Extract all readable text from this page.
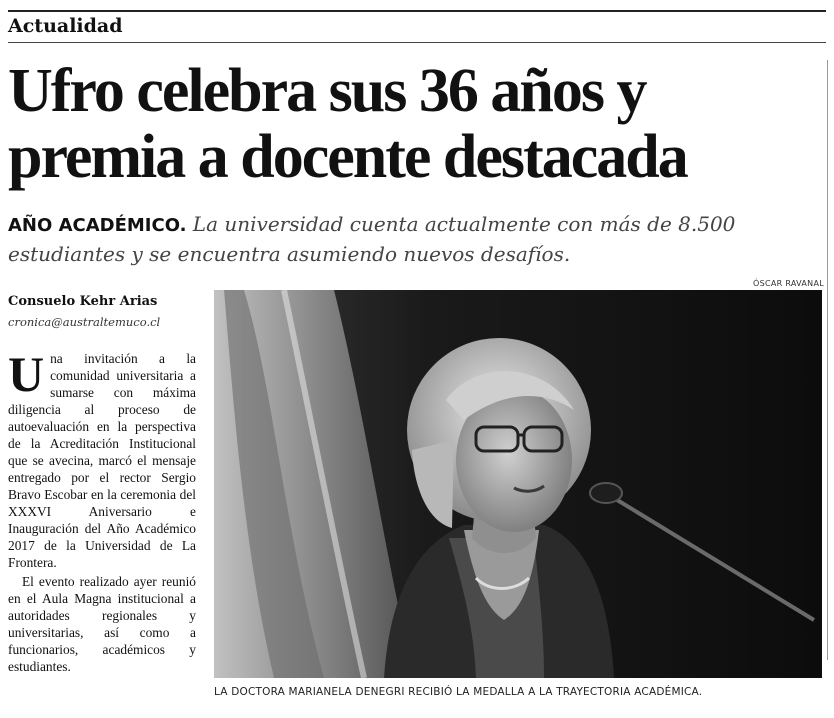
Actualidad
Ufro celebra sus 36 años y
premia a docente destacada
AÑO ACADÉMICO. La universidad cuenta actualmente con más de 8.500 estudiantes y se encuentra asumiendo nuevos desafíos.
Consuelo Kehr Arias
cronica@australtemuco.cl

Una invitación a la comunidad universitaria a sumarse con máxima diligencia al proceso de autoevaluación en la perspectiva de la Acreditación Institucional que se avecina, marcó el mensaje entregado por el rector Sergio Bravo Escobar en la ceremonia del XXXVI Aniversario e Inauguración del Año Académico 2017 de la Universidad de La Frontera.

El evento realizado ayer reunió en el Aula Magna institucional a autoridades regionales y universitarias, así como a funcionarios, académicos y estudiantes.

ÓSCAR RAVANAL
LA DOCTORA MARIANELA DENEGRI RECIBIÓ LA MEDALLA A LA TRAYECTORIA ACADÉMICA.
